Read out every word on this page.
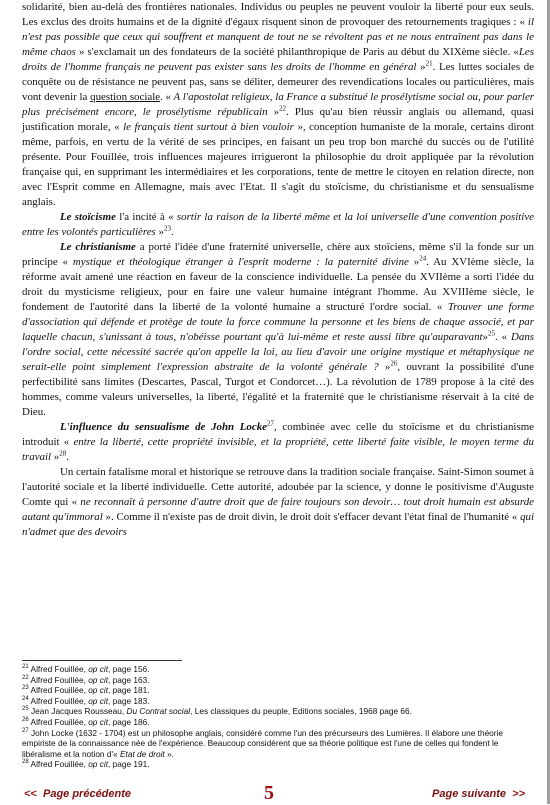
solidarité, bien au-delà des frontières nationales. Individus ou peuples ne peuvent vouloir la liberté pour eux seuls. Les exclus des droits humains et de la dignité d'égaux risquent sinon de provoquer des retournements tragiques : « il n'est pas possible que ceux qui souffrent et manquent de tout ne se révoltent pas et ne nous entraînent pas dans le même chaos » s'exclamait un des fondateurs de la société philanthropique de Paris au début du XIXème siècle. «Les droits de l'homme français ne peuvent pas exister sans les droits de l'homme en général »$^{21}$. Les luttes sociales de conquête ou de résistance ne peuvent pas, sans se déliter, demeurer des revendications locales ou particulières, mais vont devenir la question sociale. « A l'apostolat religieux, la France a substitué le prosélytisme social ou, pour parler plus précisément encore, le prosélytisme républicain »$^{22}$. Plus qu'au bien réussir anglais ou allemand, quasi justification morale, « le français tient surtout à bien vouloir », conception humaniste de la morale, certains diront même, parfois, en vertu de la vérité de ses principes, en faisant un peu trop bon marché du succès ou de l'utilité présente. Pour Fouillée, trois influences majeures irrigueront la philosophie du droit appliquée par la révolution française qui, en supprimant les intermédiaires et les corporations, tente de mettre le citoyen en relation directe, non avec l'Esprit comme en Allemagne, mais avec l'Etat. Il s'agit du stoïcisme, du christianisme et du sensualisme anglais.

Le stoïcisme l'a incité à « sortir la raison de la liberté même et la loi universelle d'une convention positive entre les volontés particulières »$^{23}$.

Le christianisme a porté l'idée d'une fraternité universelle, chère aux stoïciens, même s'il la fonde sur un principe « mystique et théologique étranger à l'esprit moderne : la paternité divine »$^{24}$. Au XVIème siècle, la réforme avait amené une réaction en faveur de la conscience individuelle. La pensée du XVIIème a sorti l'idée du droit du mysticisme religieux, pour en faire une valeur humaine intégrant l'homme. Au XVIIIème siècle, le fondement de l'autorité dans la liberté de la volonté humaine a structuré l'ordre social. « Trouver une forme d'association qui défende et protège de toute la force commune la personne et les biens de chaque associé, et par laquelle chacun, s'unissant à tous, n'obéisse pourtant qu'à lui-même et reste aussi libre qu'auparavant»$^{25}$. « Dans l'ordre social, cette nécessité sacrée qu'on appelle la loi, au lieu d'avoir une origine mystique et métaphysique ne serait-elle point simplement l'expression abstraite de la volonté générale ? »$^{26}$, ouvrant la possibilité d'une perfectibilité sans limites (Descartes, Pascal, Turgot et Condorcet…). La révolution de 1789 propose à la cité des hommes, comme valeurs universelles, la liberté, l'égalité et la fraternité que le christianisme réservait à la cité de Dieu.

L'influence du sensualisme de John Locke$^{27}$, combinée avec celle du stoïcisme et du christianisme introduit « entre la liberté, cette propriété invisible, et la propriété, cette liberté faite visible, le moyen terme du travail »$^{28}$.

Un certain fatalisme moral et historique se retrouve dans la tradition sociale française. Saint-Simon soumet à l'autorité sociale et la liberté individuelle. Cette autorité, adoubée par la science, y donne le positivisme d'Auguste Comte qui « ne reconnaît à personne d'autre droit que de faire toujours son devoir… tout droit humain est absurde autant qu'immoral ». Comme il n'existe pas de droit divin, le droit doit s'effacer devant l'état final de l'humanité « qui n'admet que des devoirs

$^{21}$ Alfred Fouillée, op cit, page 156.
$^{22}$ Alfred Fouillée, op cit, page 163.
$^{23}$ Alfred Fouillée, op cit, page 181.
$^{24}$ Alfred Fouillée, op cit, page 183.
$^{25}$ Jean Jacques Rousseau, Du Contrat social, Les classiques du peuple, Editions sociales, 1968 page 66.
$^{26}$ Alfred Fouillée, op cit, page 186.
$^{27}$ John Locke (1632 - 1704) est un philosophe anglais, considéré comme l'un des précurseurs des Lumières. Il élabore une théorie empiriste de la connaissance née de l'expérience. Beaucoup considèrent que sa théorie politique est l'une de celles qui fondent le libéralisme et la notion d'« Etat de droit ».
$^{28}$ Alfred Fouillée, op cit, page 191.
<< Page précédente	5	Page suivante >>
